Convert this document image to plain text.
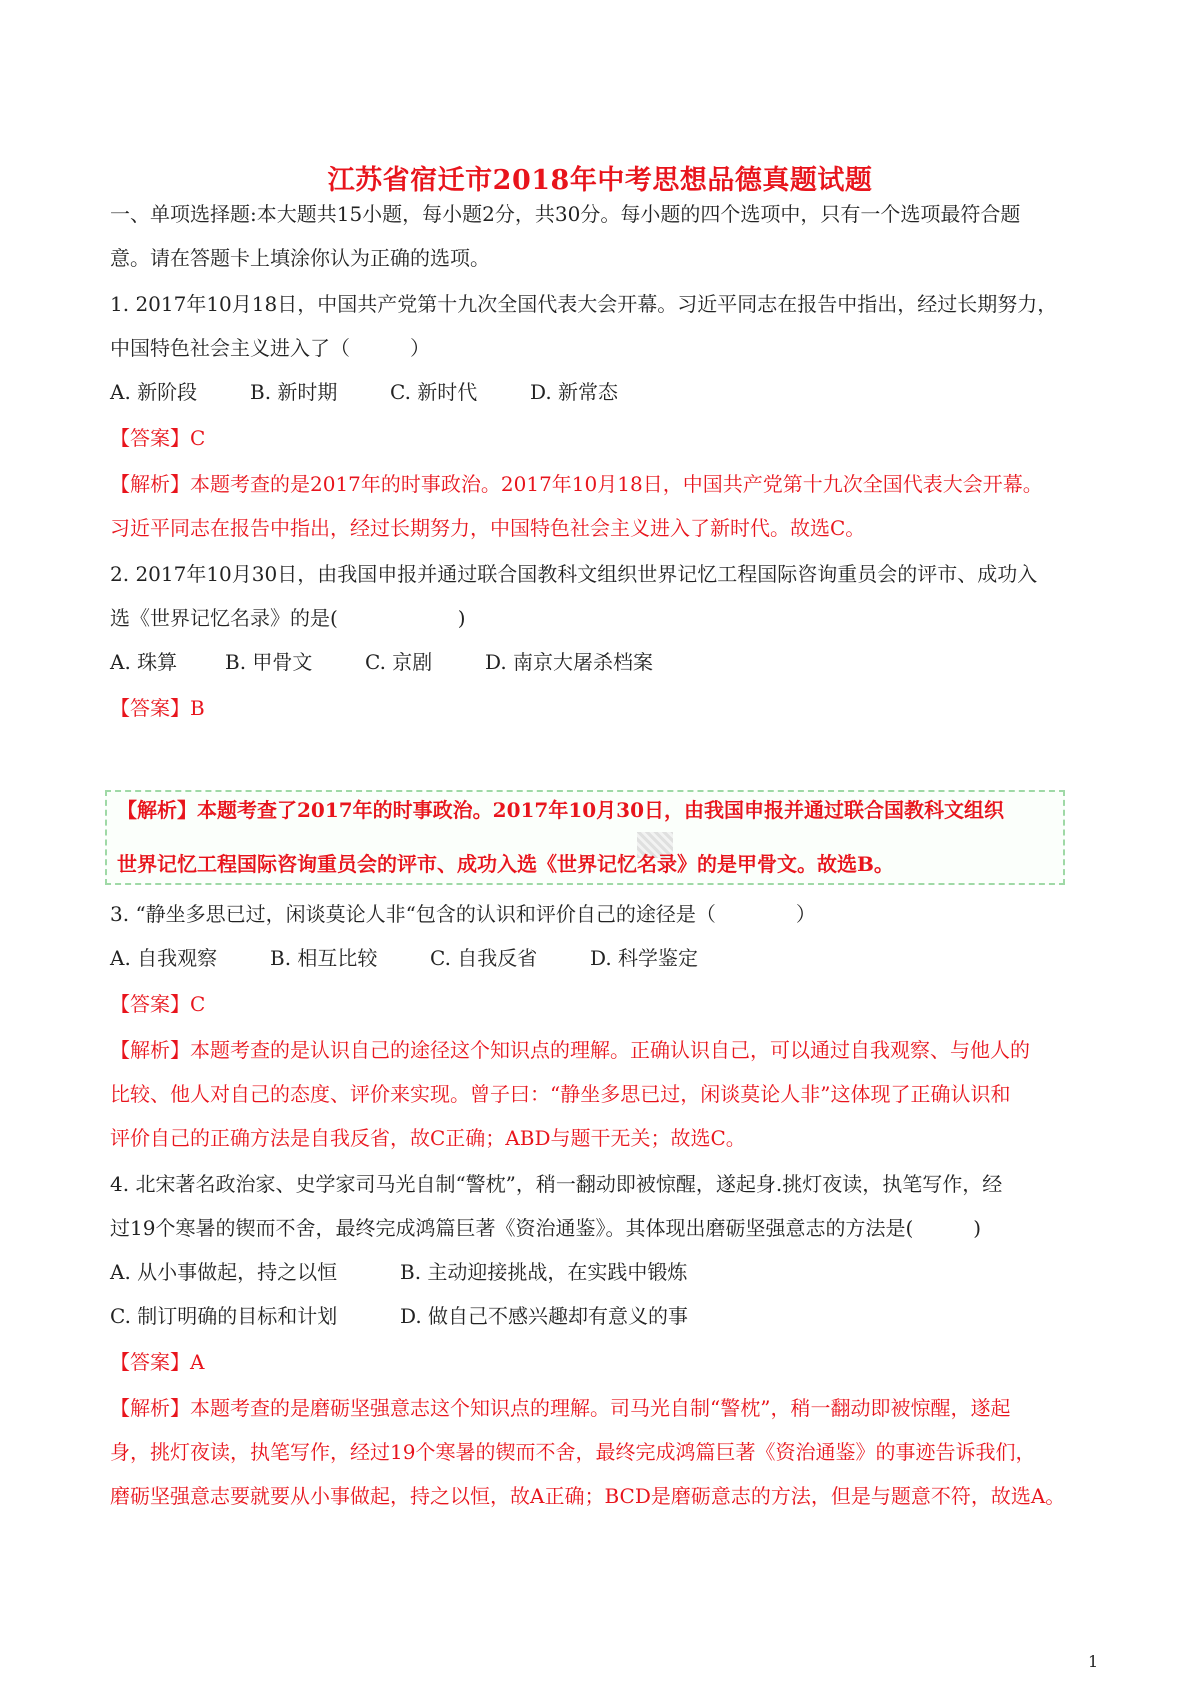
江苏省宿迁市2018年中考思想品德真题试题
一、单项选择题:本大题共15小题，每小题2分，共30分。每小题的四个选项中，只有一个选项最符合题
意。请在答题卡上填涂你认为正确的选项。
1. 2017年10月18日，中国共产党第十九次全国代表大会开幕。习近平同志在报告中指出，经过长期努力，
中国特色社会主义进入了（　　　）
A. 新阶段	B. 新时期	C. 新时代	D. 新常态
【答案】C
【解析】本题考查的是2017年的时事政治。2017年10月18日，中国共产党第十九次全国代表大会开幕。
习近平同志在报告中指出，经过长期努力，中国特色社会主义进入了新时代。故选C。
2. 2017年10月30日，由我国申报并通过联合国教科文组织世界记忆工程国际咨询重员会的评市、成功入
选《世界记忆名录》的是(　　　　　　)
A. 珠算 B. 甲骨文	C. 京剧	D. 南京大屠杀档案
【答案】B
【解析】本题考查了2017年的时事政治。2017年10月30日，由我国申报并通过联合国教科文组织
世界记忆工程国际咨询重员会的评市、成功入选《世界记忆名录》的是甲骨文。故选B。
3. “静坐多思已过，闲谈莫论人非“包含的认识和评价自己的途径是（　　　　）
A. 自我观察	B. 相互比较	C. 自我反省	D. 科学鉴定
【答案】C
【解析】本题考查的是认识自己的途径这个知识点的理解。正确认识自己，可以通过自我观察、与他人的
比较、他人对自己的态度、评价来实现。曾子曰：“静坐多思已过，闲谈莫论人非”这体现了正确认识和
评价自己的正确方法是自我反省，故C正确；ABD与题干无关；故选C。
4. 北宋著名政治家、史学家司马光自制“警枕”，稍一翻动即被惊醒，遂起身.挑灯夜读，执笔写作，经
过19个寒暑的锲而不舍，最终完成鸿篇巨著《资治通鉴》。其体现出磨砺坚强意志的方法是(　　　)
A. 从小事做起，持之以恒	B. 主动迎接挑战，在实践中锻炼
C. 制订明确的目标和计划	D. 做自己不感兴趣却有意义的事
【答案】A
【解析】本题考查的是磨砺坚强意志这个知识点的理解。司马光自制“警枕”，稍一翻动即被惊醒，遂起
身，挑灯夜读，执笔写作，经过19个寒暑的锲而不舍，最终完成鸿篇巨著《资治通鉴》的事迹告诉我们，
磨砺坚强意志要就要从小事做起，持之以恒，故A正确；BCD是磨砺意志的方法，但是与题意不符，故选A。
1
